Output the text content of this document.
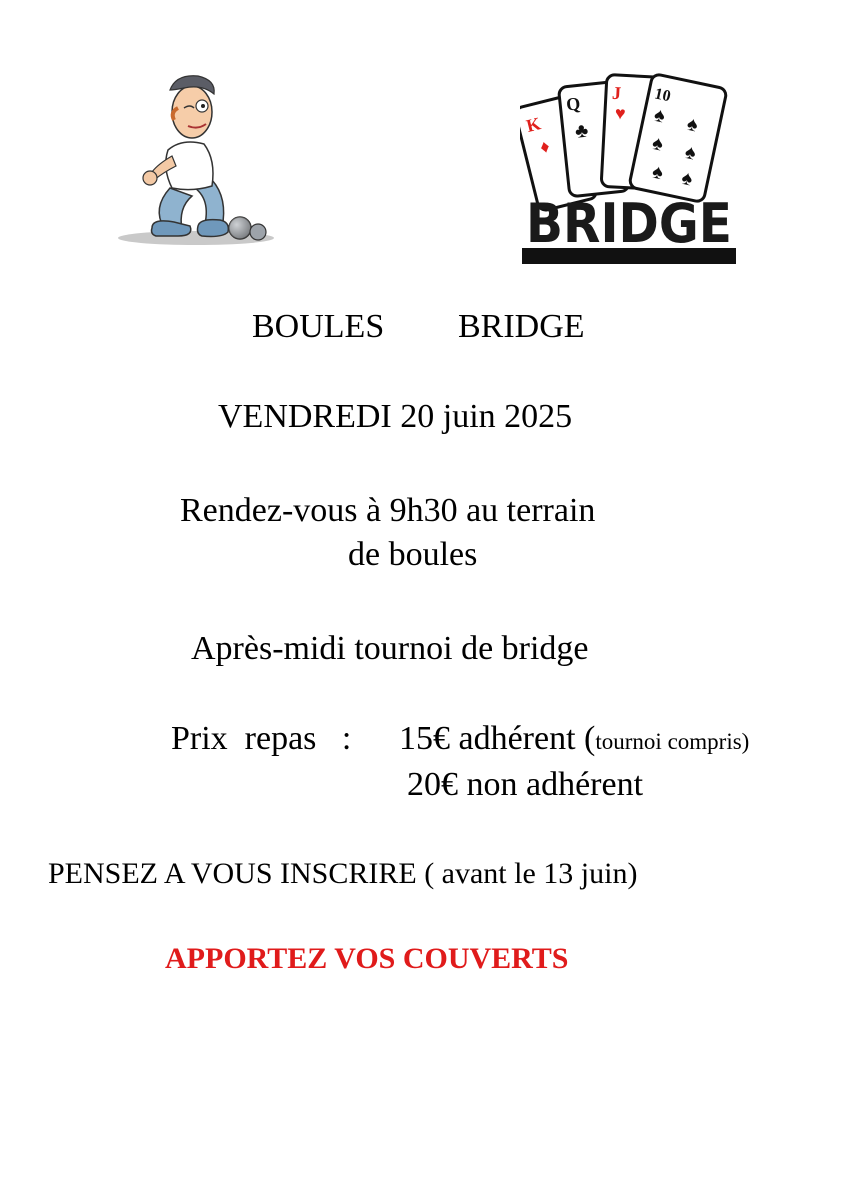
K
Q
J 10
♦
♣
♥ ♠ ♠
♠ ♠
♠ ♠
BRIDGE
BOULES BRIDGE
VENDREDI 20 juin 2025
Rendez-vous à 9h30 au terrain
de boules
Après-midi tournoi de bridge
Prix  repas   : 15€ adhérent (tournoi compris)
20€ non adhérent
PENSEZ A VOUS INSCRIRE ( avant le 13 juin)
APPORTEZ VOS COUVERTS
